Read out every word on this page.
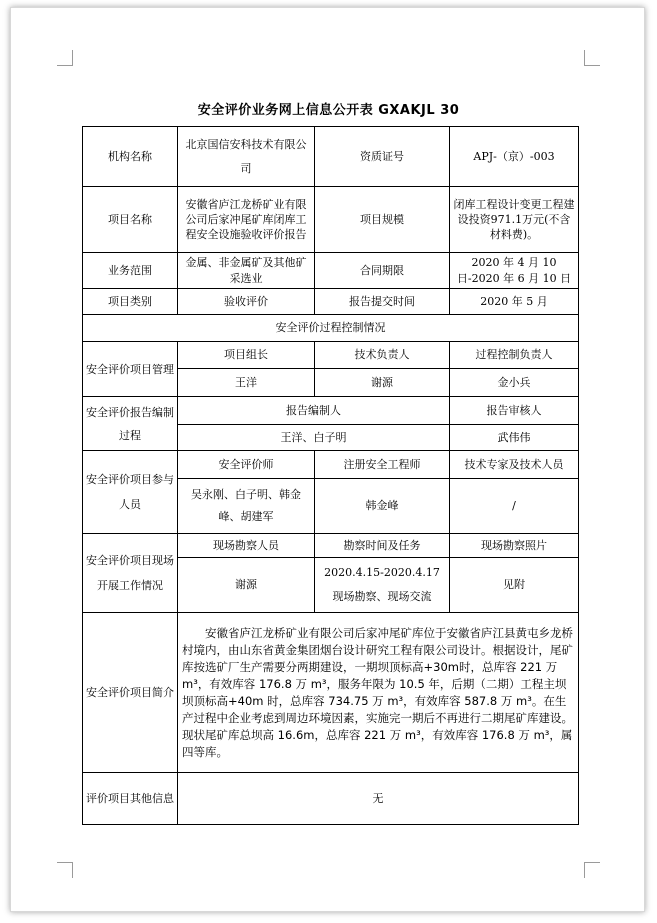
安全评价业务网上信息公开表 GXAKJL 30
机构名称	北京国信安科技术有限公司	资质证号	APJ-（京）-003
项目名称	安徽省庐江龙桥矿业有限公司后家冲尾矿库闭库工程安全设施验收评价报告	项目规模	闭库工程设计变更工程建设投资971.1万元(不含材料费)。
业务范围	金属、非金属矿及其他矿采选业	合同期限	2020 年 4 月 10 日-2020 年 6 月 10 日
项目类别	验收评价	报告提交时间	2020 年 5 月
安全评价过程控制情况			
安全评价项目管理	项目组长	技术负责人	过程控制负责人
	王洋	谢源	金小兵
安全评价报告编制过程	报告编制人		报告审核人
	王洋、白子明		武伟伟
安全评价项目参与人员	安全评价师	注册安全工程师	技术专家及技术人员
	吴永刚、白子明、韩金峰、胡建军	韩金峰	/
安全评价项目现场开展工作情况	现场勘察人员	勘察时间及任务	现场勘察照片
	谢源	2020.4.15-2020.4.17 现场勘察、现场交流	见附
安全评价项目简介	安徽省庐江龙桥矿业有限公司后家冲尾矿库位于安徽省庐江县黄屯乡龙桥村境内，由山东省黄金集团烟台设计研究工程有限公司设计。根据设计，尾矿库按选矿厂生产需要分两期建设，一期坝顶标高+30m时，总库容 221 万 m³，有效库容 176.8 万 m³，服务年限为 10.5 年，后期（二期）工程主坝坝顶标高+40m 时，总库容 734.75 万 m³，有效库容 587.8 万 m³。在生产过程中企业考虑到周边环境因素，实施完一期后不再进行二期尾矿库建设。现状尾矿库总坝高 16.6m，总库容 221 万 m³，有效库容 176.8 万 m³，属四等库。		

评价项目其他信息	无		
